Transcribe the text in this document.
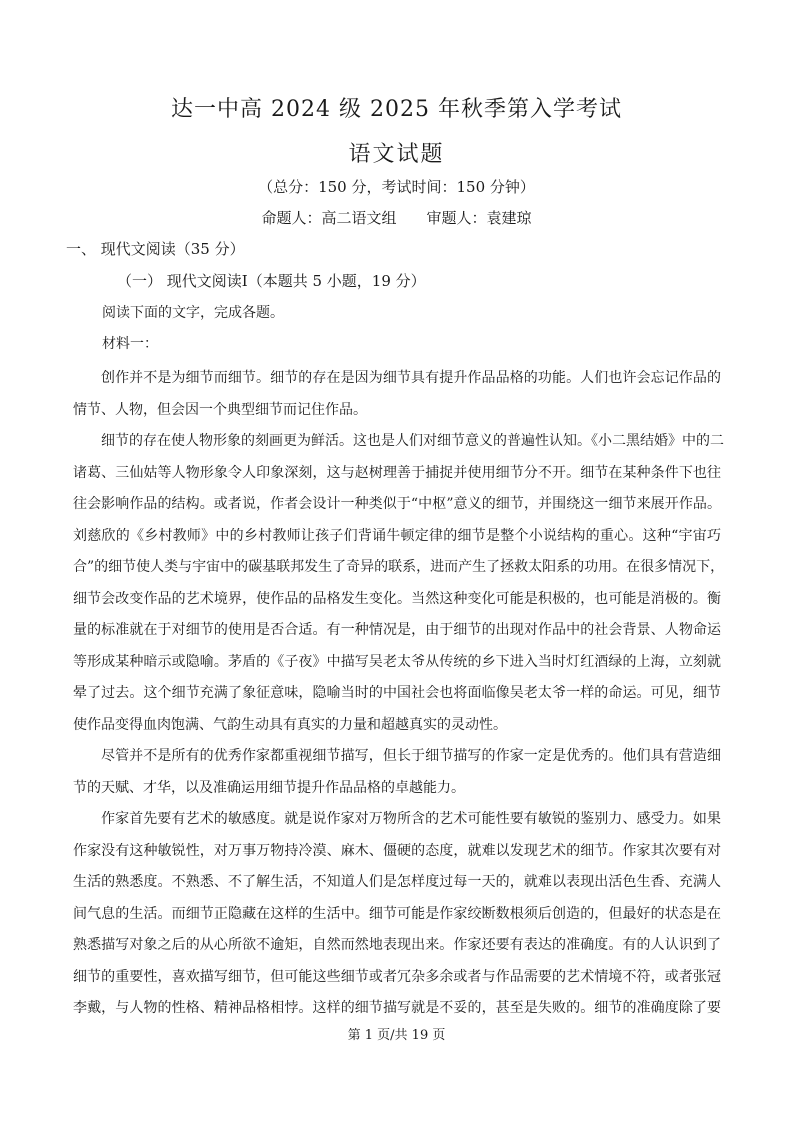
达一中高 2024 级 2025 年秋季第入学考试
语文试题
（总分：150 分，考试时间：150 分钟）
命题人：高二语文组 审题人：袁建琼
一、 现代文阅读（35 分）
（一） 现代文阅读Ⅰ（本题共 5 小题，19 分）
阅读下面的文字，完成各题。
材料一：
创作并不是为细节而细节。细节的存在是因为细节具有提升作品品格的功能。人们也许会忘记作品的
情节、人物，但会因一个典型细节而记住作品。
细节的存在使人物形象的刻画更为鲜活。这也是人们对细节意义的普遍性认知。《小二黑结婚》中的二
诸葛、三仙姑等人物形象令人印象深刻，这与赵树理善于捕捉并使用细节分不开。细节在某种条件下也往
往会影响作品的结构。或者说，作者会设计一种类似于“中枢”意义的细节，并围绕这一细节来展开作品。
刘慈欣的《乡村教师》中的乡村教师让孩子们背诵牛顿定律的细节是整个小说结构的重心。这种“宇宙巧
合”的细节使人类与宇宙中的碳基联邦发生了奇异的联系，进而产生了拯救太阳系的功用。在很多情况下，
细节会改变作品的艺术境界，使作品的品格发生变化。当然这种变化可能是积极的，也可能是消极的。衡
量的标准就在于对细节的使用是否合适。有一种情况是，由于细节的出现对作品中的社会背景、人物命运
等形成某种暗示或隐喻。茅盾的《子夜》中描写吴老太爷从传统的乡下进入当时灯红酒绿的上海，立刻就
晕了过去。这个细节充满了象征意味，隐喻当时的中国社会也将面临像吴老太爷一样的命运。可见，细节
使作品变得血肉饱满、气韵生动具有真实的力量和超越真实的灵动性。
尽管并不是所有的优秀作家都重视细节描写，但长于细节描写的作家一定是优秀的。他们具有营造细
节的天赋、才华，以及准确运用细节提升作品品格的卓越能力。
作家首先要有艺术的敏感度。就是说作家对万物所含的艺术可能性要有敏锐的鉴别力、感受力。如果
作家没有这种敏锐性，对万事万物持冷漠、麻木、僵硬的态度，就难以发现艺术的细节。作家其次要有对
生活的熟悉度。不熟悉、不了解生活，不知道人们是怎样度过每一天的，就难以表现出活色生香、充满人
间气息的生活。而细节正隐藏在这样的生活中。细节可能是作家绞断数根须后创造的，但最好的状态是在
熟悉描写对象之后的从心所欲不逾矩，自然而然地表现出来。作家还要有表达的准确度。有的人认识到了
细节的重要性，喜欢描写细节，但可能这些细节或者冗杂多余或者与作品需要的艺术情境不符，或者张冠
李戴，与人物的性格、精神品格相悖。这样的细节描写就是不妥的，甚至是失败的。细节的准确度除了要
第 1 页/共 19 页
